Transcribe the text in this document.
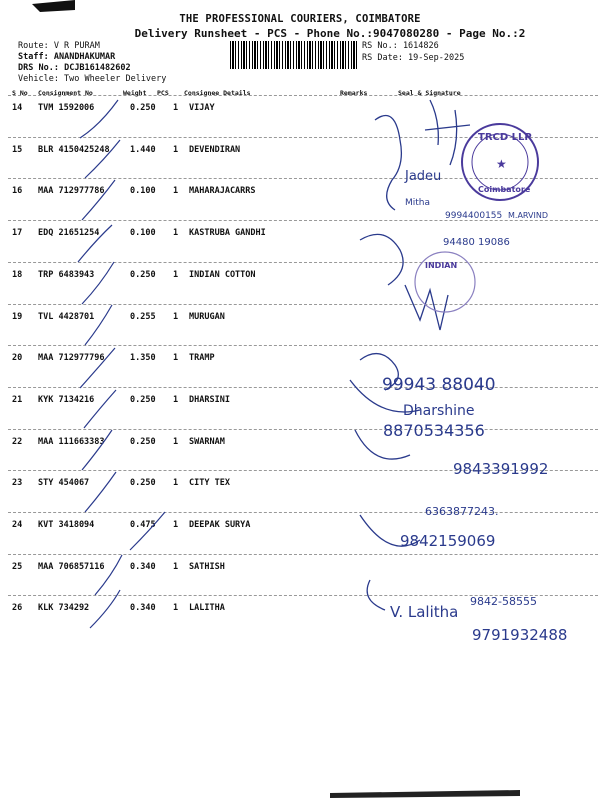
THE PROFESSIONAL COURIERS, COIMBATORE
Delivery Runsheet - PCS - Phone No.:9047080280 - Page No.:2
Route: V R PURAM
Staff: ANANDHAKUMAR
DRS No.: DCJB161482602
Vehicle: Two Wheeler Delivery
RS No.: 1614826
RS Date: 19-Sep-2025
S No Consignment No	Weight PCS Consignee Details	Remarks	Seal & Signature
14 TVM 1592006	0.250 1 VIJAY
15 BLR 4150425248 1.440 1 DEVENDIRAN
16 MAA 712977786	0.100 1 MAHARAJACARRS
17 EDQ 21651254	0.100 1 KASTRUBA GANDHI
18 TRP 6483943	0.250 1 INDIAN COTTON
19 TVL 4428701	0.255 1 MURUGAN
20 MAA 712977796	1.350 1 TRAMP
21 KYK 7134216	0.250 1 DHARSINI
22 MAA 111663383	0.250 1 SWARNAM
23 STY 454067	0.250 1 CITY TEX
24 KVT 3418094	0.475 1 DEEPAK SURYA
25 MAA 706857116	0.340 1 SATHISH
26 KLK 734292	0.340 1 LALITHA
TRCD LLP
Coimbatore
★
INDIAN
Jadeu
Mitha
9994400155 M.ARVIND
94480 19086
99943 88040
Dharshine
8870534356
9843391992
6363877243.
9842159069
9842-58555
V. Lalitha
9791932488
